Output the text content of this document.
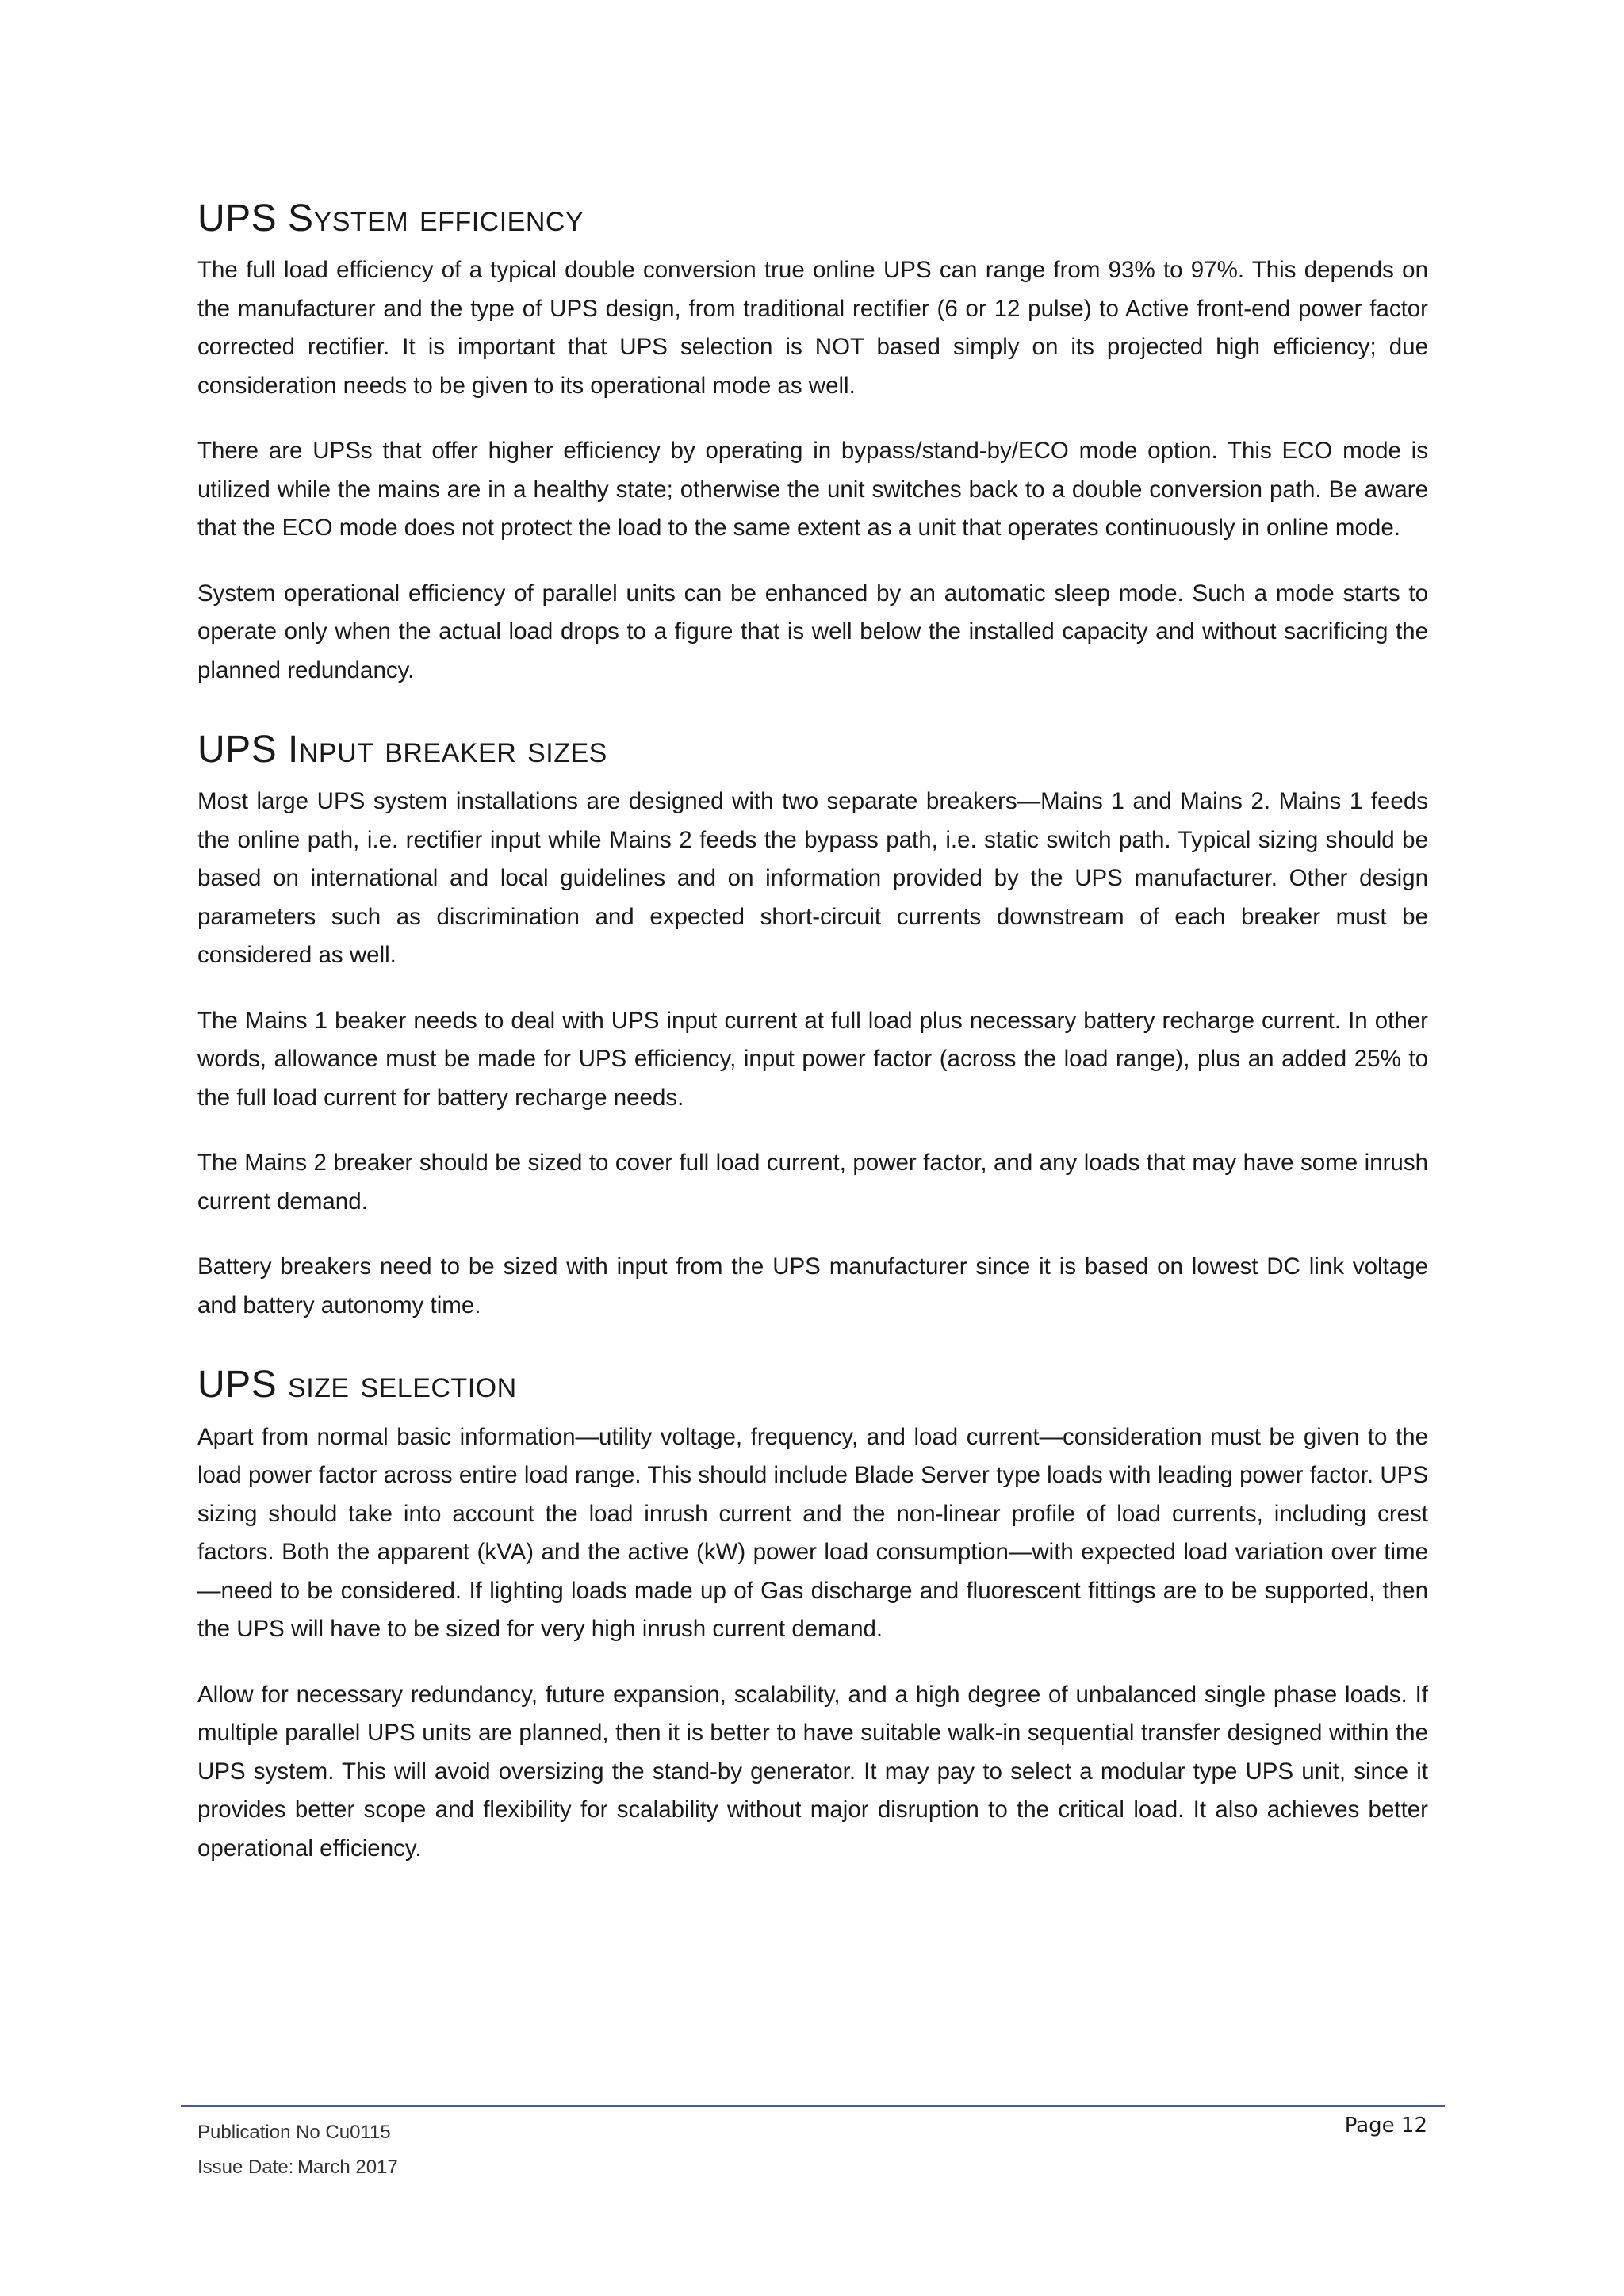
UPS System efficiency

The full load efficiency of a typical double conversion true online UPS can range from 93% to 97%. This depends on the manufacturer and the type of UPS design, from traditional rectifier (6 or 12 pulse) to Active front-end power factor corrected rectifier. It is important that UPS selection is NOT based simply on its projected high efficiency; due consideration needs to be given to its operational mode as well.

There are UPSs that offer higher efficiency by operating in bypass/stand-by/ECO mode option. This ECO mode is utilized while the mains are in a healthy state; otherwise the unit switches back to a double conversion path. Be aware that the ECO mode does not protect the load to the same extent as a unit that operates continuously in online mode.

System operational efficiency of parallel units can be enhanced by an automatic sleep mode. Such a mode starts to operate only when the actual load drops to a figure that is well below the installed capacity and without sacrificing the planned redundancy.

UPS Input breaker sizes

Most large UPS system installations are designed with two separate breakers—Mains 1 and Mains 2. Mains 1 feeds the online path, i.e. rectifier input while Mains 2 feeds the bypass path, i.e. static switch path. Typical sizing should be based on international and local guidelines and on information provided by the UPS manufacturer. Other design parameters such as discrimination and expected short-circuit currents downstream of each breaker must be considered as well.

The Mains 1 beaker needs to deal with UPS input current at full load plus necessary battery recharge current. In other words, allowance must be made for UPS efficiency, input power factor (across the load range), plus an added 25% to the full load current for battery recharge needs.

The Mains 2 breaker should be sized to cover full load current, power factor, and any loads that may have some inrush current demand.

Battery breakers need to be sized with input from the UPS manufacturer since it is based on lowest DC link voltage and battery autonomy time.

UPS size selection

Apart from normal basic information—utility voltage, frequency, and load current—consideration must be given to the load power factor across entire load range. This should include Blade Server type loads with leading power factor. UPS sizing should take into account the load inrush current and the non-linear profile of load currents, including crest factors. Both the apparent (kVA) and the active (kW) power load consumption—with expected load variation over time—need to be considered. If lighting loads made up of Gas discharge and fluorescent fittings are to be supported, then the UPS will have to be sized for very high inrush current demand.

Allow for necessary redundancy, future expansion, scalability, and a high degree of unbalanced single phase loads. If multiple parallel UPS units are planned, then it is better to have suitable walk-in sequential transfer designed within the UPS system. This will avoid oversizing the stand-by generator. It may pay to select a modular type UPS unit, since it provides better scope and flexibility for scalability without major disruption to the critical load. It also achieves better operational efficiency.

Publication No Cu0115
Issue Date: March 2017
Page 12
